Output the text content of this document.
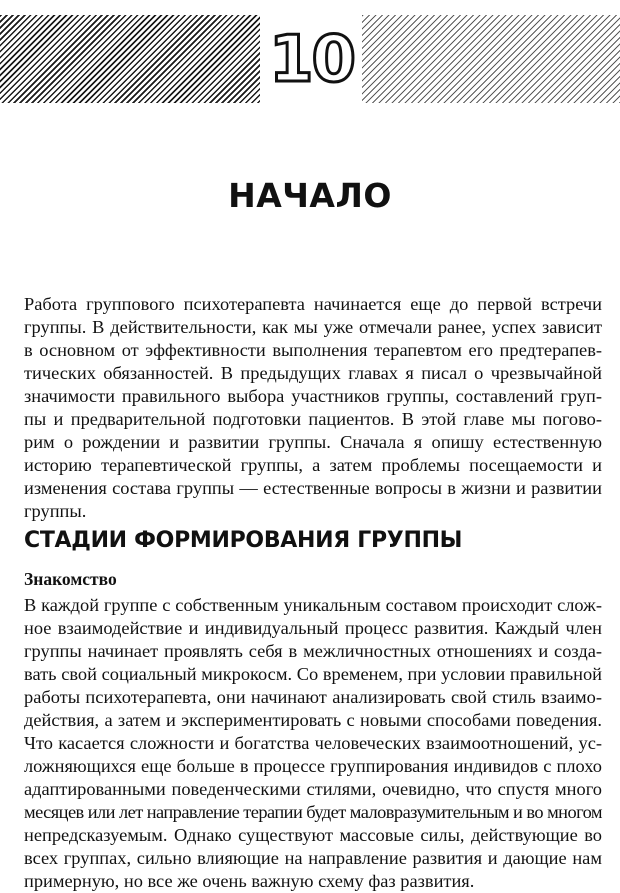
10
НАЧАЛО
Работа группового психотерапевта начинается еще до первой встречи
группы. В действительности, как мы уже отмечали ранее, успех зависит
в основном от эффективности выполнения терапевтом его предтерапев-
тических обязанностей. В предыдущих главах я писал о чрезвычайной
значимости правильного выбора участников группы, составлений груп-
пы и предварительной подготовки пациентов. В этой главе мы погово-
рим о рождении и развитии группы. Сначала я опишу естественную
историю терапевтической группы, а затем проблемы посещаемости и
изменения состава группы — естественные вопросы в жизни и развитии
группы.
СТАДИИ ФОРМИРОВАНИЯ ГРУППЫ
Знакомство
В каждой группе с собственным уникальным составом происходит слож-
ное взаимодействие и индивидуальный процесс развития. Каждый член
группы начинает проявлять себя в межличностных отношениях и созда-
вать свой социальный микрокосм. Со временем, при условии правильной
работы психотерапевта, они начинают анализировать свой стиль взаимо-
действия, а затем и экспериментировать с новыми способами поведения.
Что касается сложности и богатства человеческих взаимоотношений, ус-
ложняющихся еще больше в процессе группирования индивидов с плохо
адаптированными поведенческими стилями, очевидно, что спустя много
месяцев или лет направление терапии будет маловразумительным и во многом
непредсказуемым. Однако существуют массовые силы, действующие во
всех группах, сильно влияющие на направление развития и дающие нам
примерную, но все же очень важную схему фаз развития.
